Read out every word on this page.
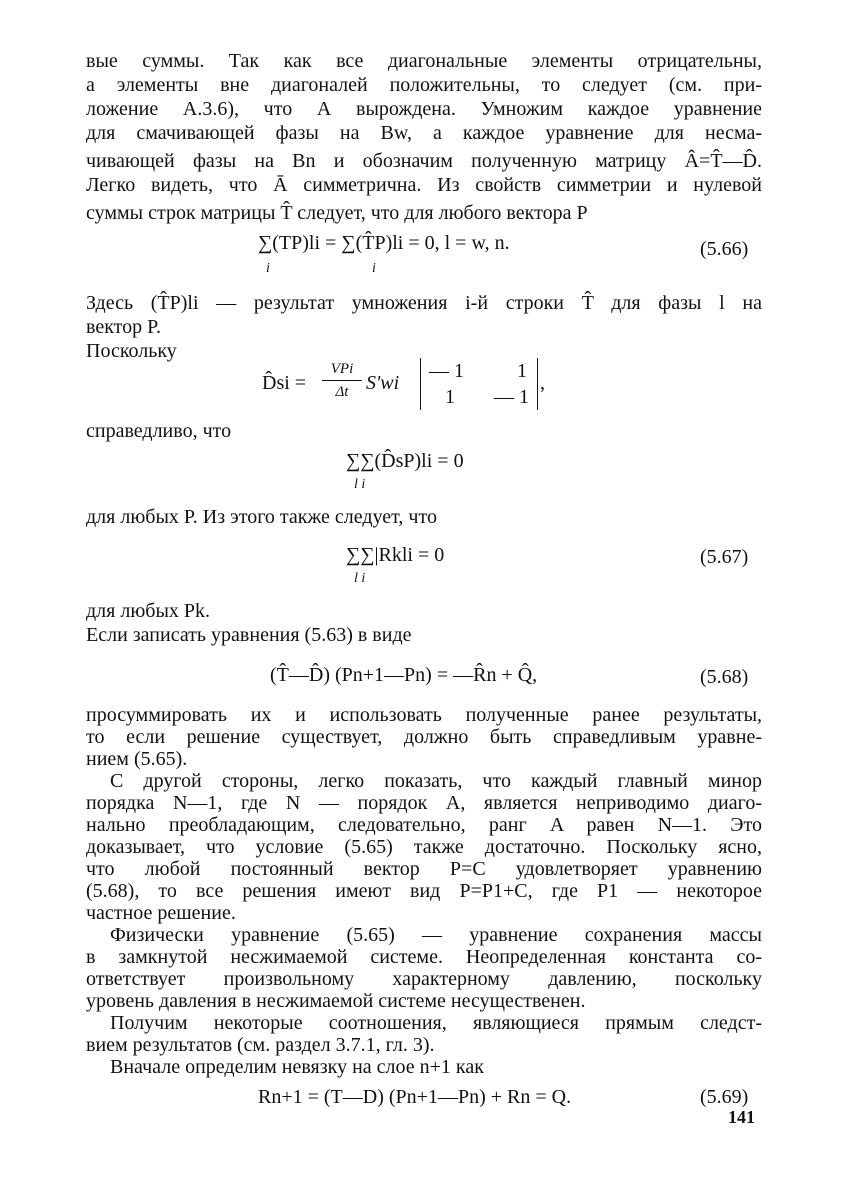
вые суммы. Так как все диагональные элементы отрицательны,
а элементы вне диагоналей положительны, то следует (см. при-
ложение А.3.6), что А вырождена. Умножим каждое уравнение
для смачивающей фазы на Bw, а каждое уравнение для несма-
чивающей фазы на Bn и обозначим полученную матрицу Â=T̂—D̂.
Легко видеть, что Ā симметрична. Из свойств симметрии и нулевой
суммы строк матрицы T̂ следует, что для любого вектора P
∑(TP)li = ∑(T̂P)li = 0, l = w, n.
i	i
(5.66)
Здесь (T̂P)li — результат умножения i-й строки T̂ для фазы l на
вектор P.
Поскольку
D̂si =
VPi
Δt S'wi
— 1	1
1 — 1
,
справедливо, что
∑∑(D̂sP)li = 0
l i
для любых P. Из этого также следует, что
∑∑|Rkli = 0
l i
(5.67)
для любых Pk.
Если записать уравнения (5.63) в виде
(T̂—D̂) (Pn+1—Pn) = —R̂n + Q̂,	(5.68)
просуммировать их и использовать полученные ранее результаты,
то если решение существует, должно быть справедливым уравне-
нием (5.65).
С другой стороны, легко показать, что каждый главный минор
порядка N—1, где N — порядок A, является неприводимо диаго-
нально преобладающим, следовательно, ранг A равен N—1. Это
доказывает, что условие (5.65) также достаточно. Поскольку ясно,
что любой постоянный вектор P=C удовлетворяет уравнению
(5.68), то все решения имеют вид P=P1+C, где P1 — некоторое
частное решение.
Физически уравнение (5.65) — уравнение сохранения массы
в замкнутой несжимаемой системе. Неопределенная константа со-
ответствует произвольному характерному давлению, поскольку
уровень давления в несжимаемой системе несущественен.
Получим некоторые соотношения, являющиеся прямым следст-
вием результатов (см. раздел 3.7.1, гл. 3).
Вначале определим невязку на слое n+1 как
Rn+1 = (T—D) (Pn+1—Pn) + Rn = Q.	(5.69)
141
